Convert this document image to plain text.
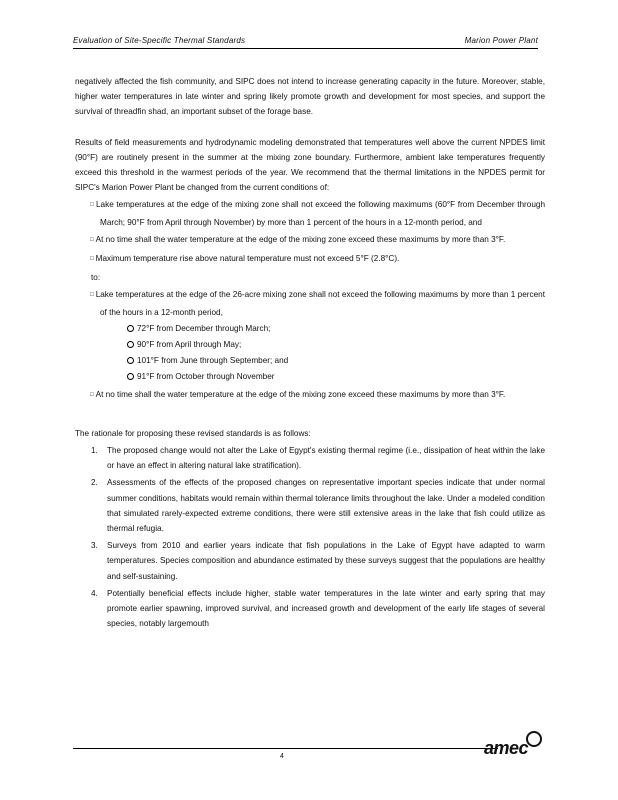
Evaluation of Site-Specific Thermal Standards	Marion Power Plant

negatively affected the fish community, and SIPC does not intend to increase generating capacity in the future. Moreover, stable, higher water temperatures in late winter and spring likely promote growth and development for most species, and support the survival of threadfin shad, an important subset of the forage base.

Results of field measurements and hydrodynamic modeling demonstrated that temperatures well above the current NPDES limit (90°F) are routinely present in the summer at the mixing zone boundary. Furthermore, ambient lake temperatures frequently exceed this threshold in the warmest periods of the year. We recommend that the thermal limitations in the NPDES permit for SIPC's Marion Power Plant be changed from the current conditions of:

□ Lake temperatures at the edge of the mixing zone shall not exceed the following maximums (60°F from December through March; 90°F from April through November) by more than 1 percent of the hours in a 12-month period, and

□ At no time shall the water temperature at the edge of the mixing zone exceed these maximums by more than 3°F.

□ Maximum temperature rise above natural temperature must not exceed 5°F (2.8°C).

to:

□ Lake temperatures at the edge of the 26-acre mixing zone shall not exceed the following maximums by more than 1 percent of the hours in a 12-month period,

72°F from December through March;

90°F from April through May;

101°F from June through September; and

91°F from October through November

□ At no time shall the water temperature at the edge of the mixing zone exceed these maximums by more than 3°F.

The rationale for proposing these revised standards is as follows:

1. The proposed change would not alter the Lake of Egypt's existing thermal regime (i.e., dissipation of heat within the lake or have an effect in altering natural lake stratification).

2. Assessments of the effects of the proposed changes on representative important species indicate that under normal summer conditions, habitats would remain within thermal tolerance limits throughout the lake. Under a modeled condition that simulated rarely-expected extreme conditions, there were still extensive areas in the lake that fish could utilize as thermal refugia.

3. Surveys from 2010 and earlier years indicate that fish populations in the Lake of Egypt have adapted to warm temperatures. Species composition and abundance estimated by these surveys suggest that the populations are healthy and self-sustaining.

4. Potentially beneficial effects include higher, stable water temperatures in the late winter and early spring that may promote earlier spawning, improved survival, and increased growth and development of the early life stages of several species, notably largemouth

4	amec
